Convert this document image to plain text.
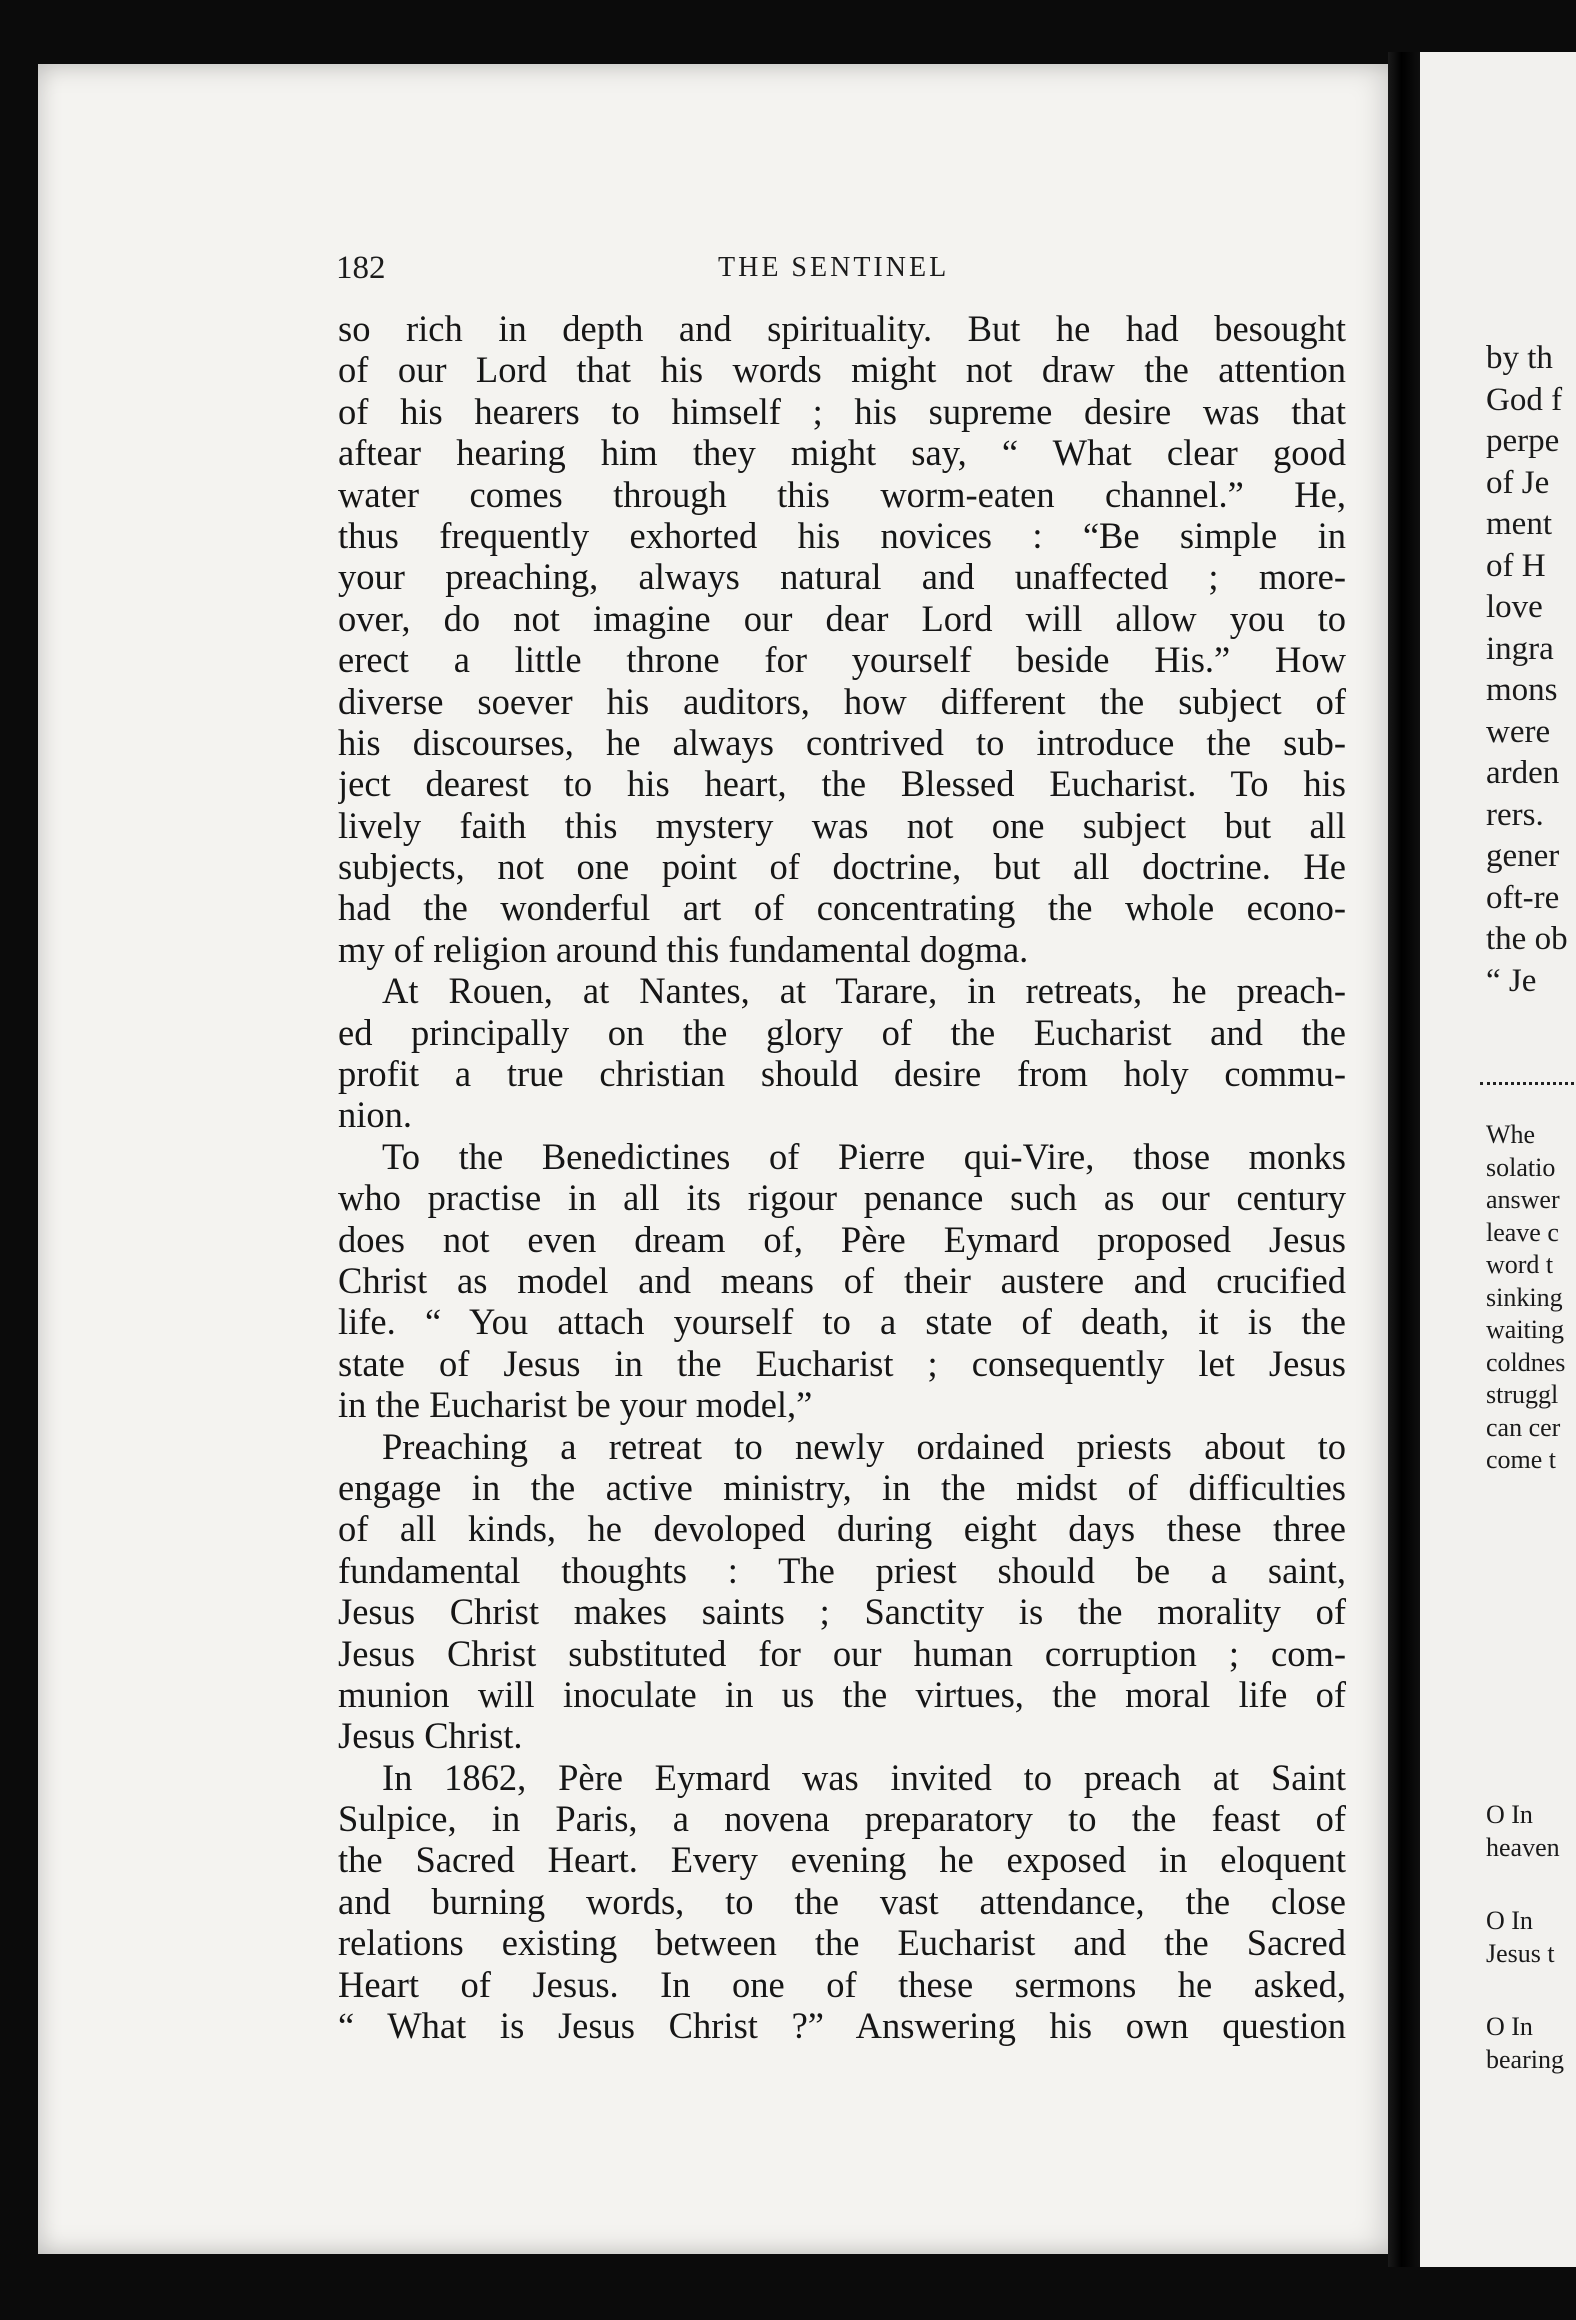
by th
God f
perpe
of Je
ment
of H
love
ingra
mons
were
arden
rers.
gener
oft-re
the ob
“ Je
Whe
solatio
answer
leave c
word t
sinking
waiting
coldnes
struggl
can cer
come t
O In
heaven
O In
Jesus t
O In
bearing
182	THE SENTINEL
so rich in depth and spirituality. But he had besought
of our Lord that his words might not draw the attention
of his hearers to himself ; his supreme desire was that
aftear hearing him they might say, “ What clear good
water comes through this worm-eaten channel.” He,
thus frequently exhorted his novices : “Be simple in
your preaching, always natural and unaffected ; more-
over, do not imagine our dear Lord will allow you to
erect a little throne for yourself beside His.” How
diverse soever his auditors, how different the subject of
his discourses, he always contrived to introduce the sub-
ject dearest to his heart, the Blessed Eucharist. To his
lively faith this mystery was not one subject but all
subjects, not one point of doctrine, but all doctrine. He
had the wonderful art of concentrating the whole econo-
my of religion around this fundamental dogma.
At Rouen, at Nantes, at Tarare, in retreats, he preach-
ed principally on the glory of the Eucharist and the
profit a true christian should desire from holy commu-
nion.
To the Benedictines of Pierre qui-Vire, those monks
who practise in all its rigour penance such as our century
does not even dream of, Père Eymard proposed Jesus
Christ as model and means of their austere and crucified
life. “ You attach yourself to a state of death, it is the
state of Jesus in the Eucharist ; consequently let Jesus
in the Eucharist be your model,”
Preaching a retreat to newly ordained priests about to
engage in the active ministry, in the midst of difficulties
of all kinds, he devoloped during eight days these three
fundamental thoughts : The priest should be a saint,
Jesus Christ makes saints ; Sanctity is the morality of
Jesus Christ substituted for our human corruption ; com-
munion will inoculate in us the virtues, the moral life of
Jesus Christ.
In 1862, Père Eymard was invited to preach at Saint
Sulpice, in Paris, a novena preparatory to the feast of
the Sacred Heart. Every evening he exposed in eloquent
and burning words, to the vast attendance, the close
relations existing between the Eucharist and the Sacred
Heart of Jesus. In one of these sermons he asked,
“ What is Jesus Christ ?” Answering his own question
